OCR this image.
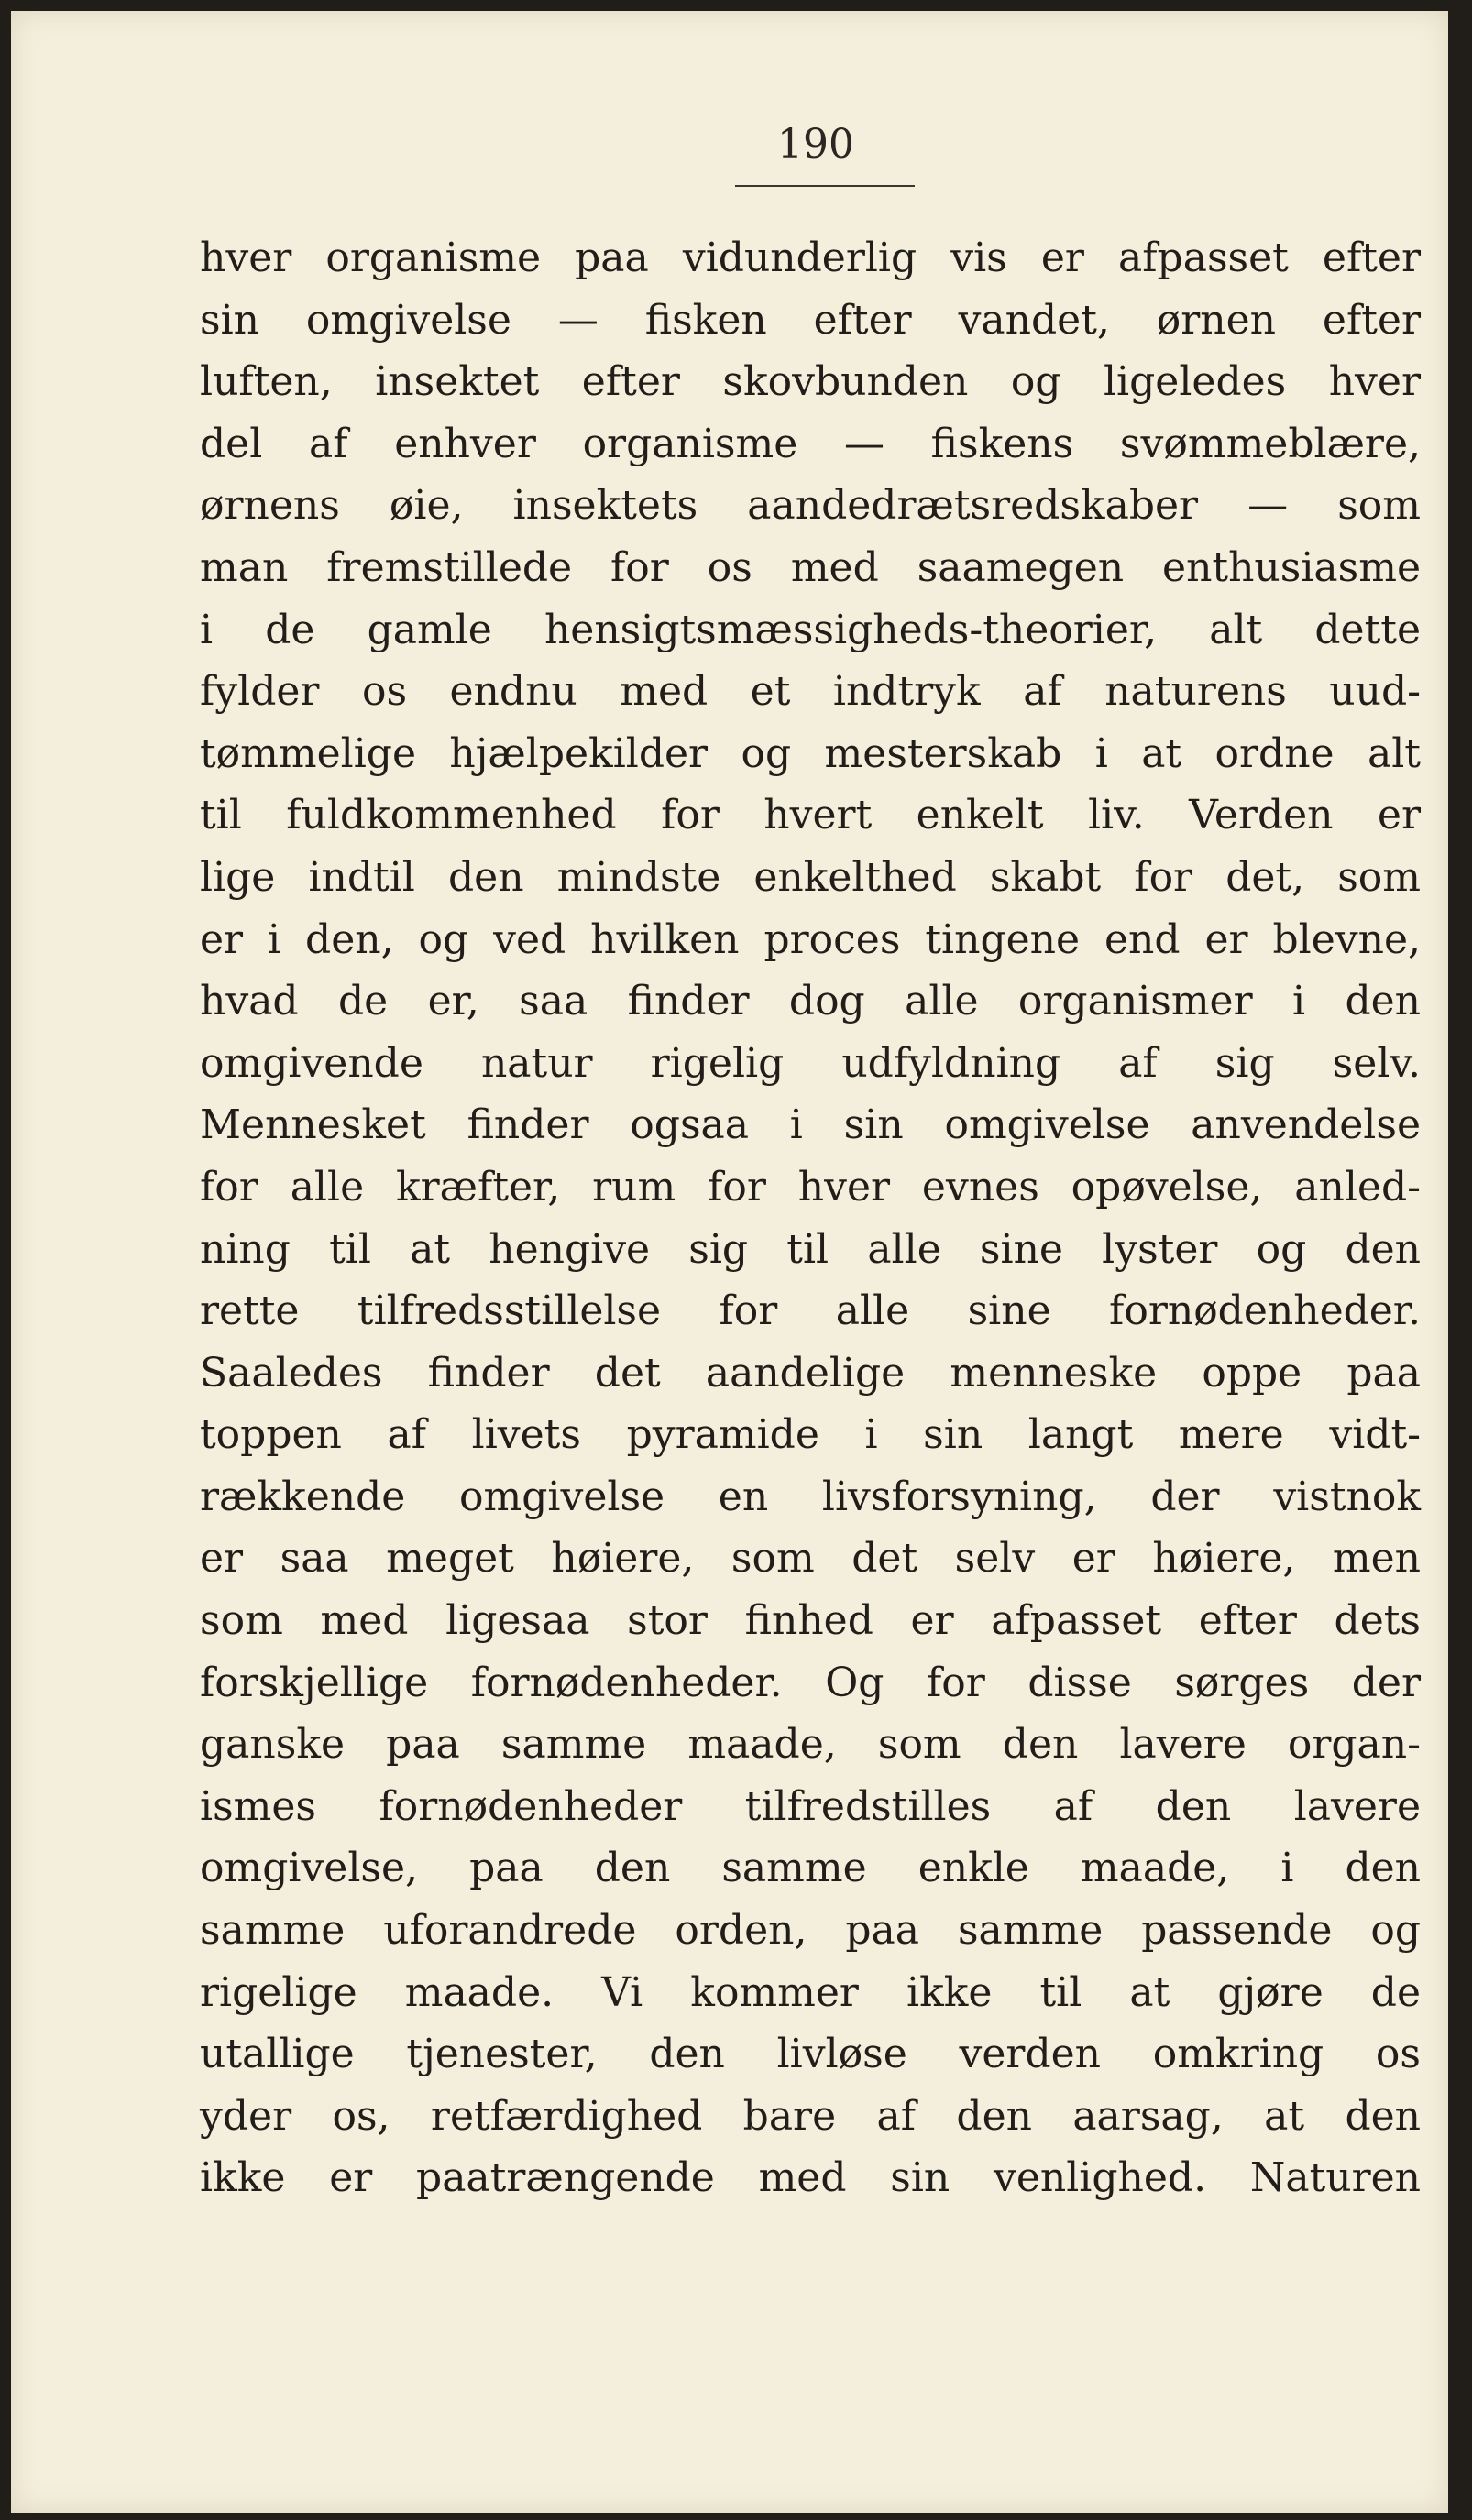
190
hver organisme paa vidunderlig vis er afpasset efter
sin omgivelse — fisken efter vandet, ørnen efter
luften, insektet efter skovbunden og ligeledes hver
del af enhver organisme — fiskens svømmeblære,
ørnens øie, insektets aandedrætsredskaber — som
man fremstillede for os med saamegen enthusiasme
i de gamle hensigtsmæssigheds-theorier, alt dette
fylder os endnu med et indtryk af naturens uud-
tømmelige hjælpekilder og mesterskab i at ordne alt
til fuldkommenhed for hvert enkelt liv. Verden er
lige indtil den mindste enkelthed skabt for det, som
er i den, og ved hvilken proces tingene end er blevne,
hvad de er, saa finder dog alle organismer i den
omgivende natur rigelig udfyldning af sig selv.
Mennesket finder ogsaa i sin omgivelse anvendelse
for alle kræfter, rum for hver evnes opøvelse, anled-
ning til at hengive sig til alle sine lyster og den
rette tilfredsstillelse for alle sine fornødenheder.
Saaledes finder det aandelige menneske oppe paa
toppen af livets pyramide i sin langt mere vidt-
rækkende omgivelse en livsforsyning, der vistnok
er saa meget høiere, som det selv er høiere, men
som med ligesaa stor finhed er afpasset efter dets
forskjellige fornødenheder. Og for disse sørges der
ganske paa samme maade, som den lavere organ-
ismes fornødenheder tilfredstilles af den lavere
omgivelse, paa den samme enkle maade, i den
samme uforandrede orden, paa samme passende og
rigelige maade. Vi kommer ikke til at gjøre de
utallige tjenester, den livløse verden omkring os
yder os, retfærdighed bare af den aarsag, at den
ikke er paatrængende med sin venlighed. Naturen
